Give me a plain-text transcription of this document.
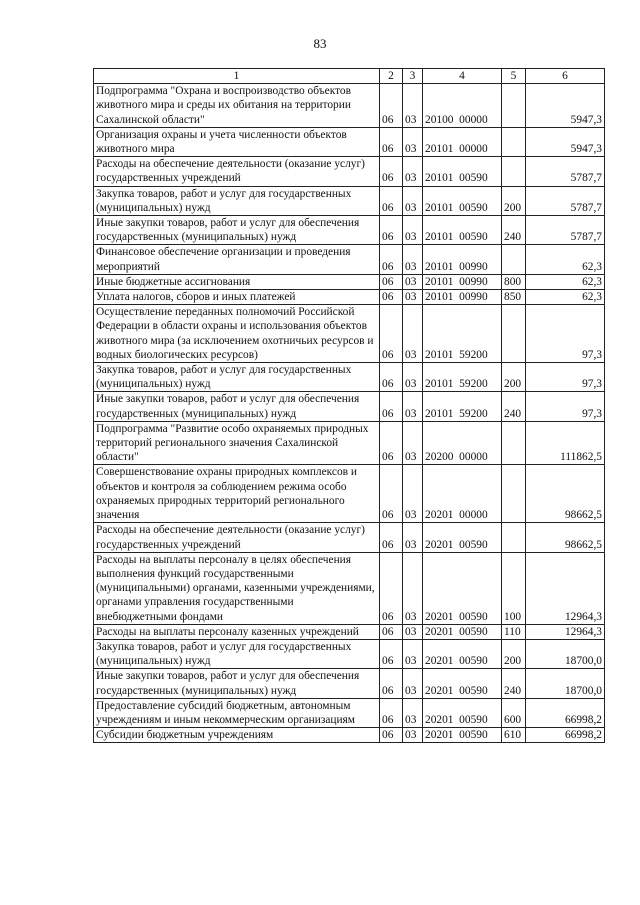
83
1	2	3	4	5	6
Подпрограмма "Охрана и воспроизводство объектов животного мира и среды их обитания на территории Сахалинской области"	06	03	20100  00000		5947,3
Организация охраны и учета численности объектов животного мира	06	03	20101  00000		5947,3
Расходы на обеспечение деятельности (оказание услуг) государственных учреждений	06	03	20101  00590		5787,7
Закупка товаров, работ и услуг для государственных (муниципальных) нужд	06	03	20101  00590	200	5787,7
Иные закупки товаров, работ и услуг для обеспечения государственных (муниципальных) нужд	06	03	20101  00590	240	5787,7
Финансовое обеспечение организации и проведения мероприятий	06	03	20101  00990		62,3
Иные бюджетные ассигнования	06	03	20101  00990	800	62,3
Уплата налогов, сборов и иных платежей	06	03	20101  00990	850	62,3
Осуществление переданных полномочий Российской Федерации в области охраны и использования объектов животного мира (за исключением охотничьих ресурсов и водных биологических ресурсов)	06	03	20101  59200		97,3
Закупка товаров, работ и услуг для государственных (муниципальных) нужд	06	03	20101  59200	200	97,3
Иные закупки товаров, работ и услуг для обеспечения государственных (муниципальных) нужд	06	03	20101  59200	240	97,3
Подпрограмма "Развитие особо охраняемых природных территорий регионального значения Сахалинской области"	06	03	20200  00000		111862,5
Совершенствование охраны природных комплексов и объектов и контроля за соблюдением режима особо охраняемых природных территорий регионального значения	06	03	20201  00000		98662,5
Расходы на обеспечение деятельности (оказание услуг) государственных учреждений	06	03	20201  00590		98662,5
Расходы на выплаты персоналу в целях обеспечения выполнения функций государственными (муниципальными) органами, казенными учреждениями, органами управления государственными внебюджетными фондами	06	03	20201  00590	100	12964,3
Расходы на выплаты персоналу казенных учреждений	06	03	20201  00590	110	12964,3
Закупка товаров, работ и услуг для государственных (муниципальных) нужд	06	03	20201  00590	200	18700,0
Иные закупки товаров, работ и услуг для обеспечения государственных (муниципальных) нужд	06	03	20201  00590	240	18700,0
Предоставление субсидий бюджетным, автономным учреждениям и иным некоммерческим организациям	06	03	20201  00590	600	66998,2
Субсидии бюджетным учреждениям	06	03	20201  00590	610	66998,2
